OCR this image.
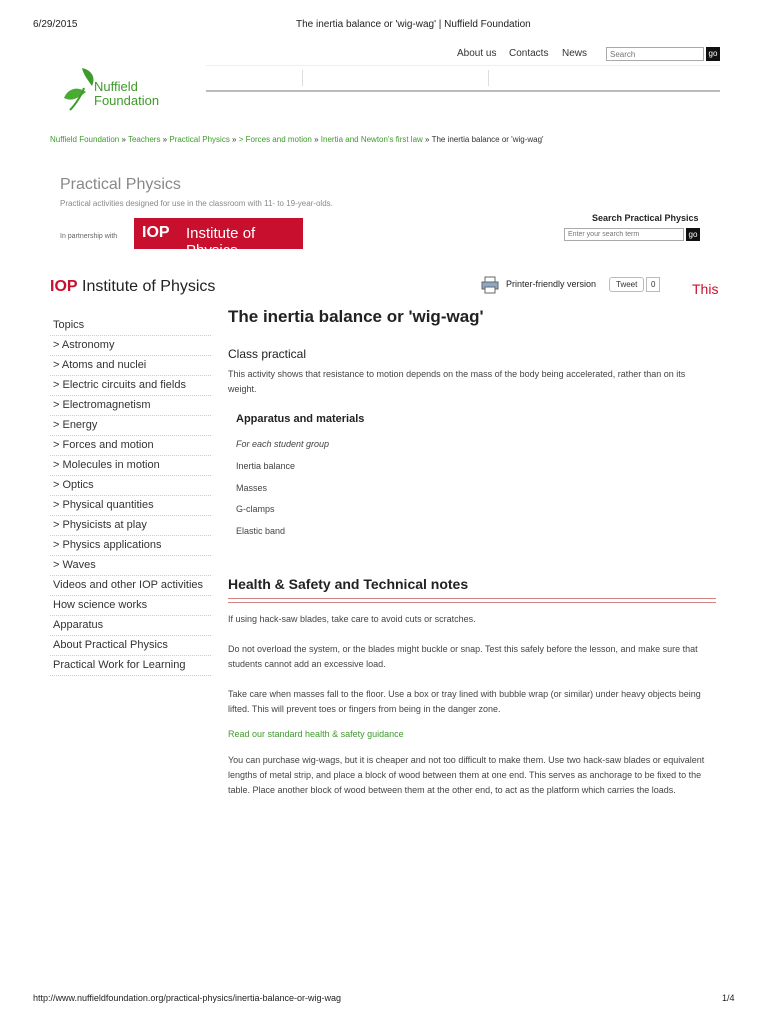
6/29/2015	The inertia balance or 'wig-wag' | Nuffield Foundation
About us Contacts News
Search	go
Nuffield
Foundation
Nuffield Foundation » Teachers » Practical Physics » > Forces and motion » Inertia and Newton's first law » The inertia balance or 'wig-wag'
Practical Physics
Practical activities designed for use in the classroom with 11- to 19-year-olds.
In partnership with IOP Institute of Physics
Search Practical Physics
Enter your search term
go
IOP Institute of Physics	Printer-friendly version	Tweet	0	This
Topics
> Astronomy
> Atoms and nuclei
> Electric circuits and fields
> Electromagnetism
> Energy
> Forces and motion
> Molecules in motion
> Optics
> Physical quantities
> Physicists at play
> Physics applications
> Waves
Videos and other IOP activities
How science works
Apparatus
About Practical Physics
Practical Work for Learning
The inertia balance or 'wig-wag'
Class practical
This activity shows that resistance to motion depends on the mass of the body being accelerated, rather than on its weight.
Apparatus and materials
For each student group
Inertia balance
Masses
G-clamps
Elastic band
Health & Safety and Technical notes
If using hack-saw blades, take care to avoid cuts or scratches.
Do not overload the system, or the blades might buckle or snap. Test this safely before the lesson, and make sure that students cannot add an excessive load.
Take care when masses fall to the floor. Use a box or tray lined with bubble wrap (or similar) under heavy objects being lifted. This will prevent toes or fingers from being in the danger zone.
Read our standard health & safety guidance
You can purchase wig-wags, but it is cheaper and not too difficult to make them. Use two hack-saw blades or equivalent lengths of metal strip, and place a block of wood between them at one end. This serves as anchorage to be fixed to the table. Place another block of wood between them at the other end, to act as the platform which carries the loads.
http://www.nuffieldfoundation.org/practical-physics/inertia-balance-or-wig-wag	1/4
